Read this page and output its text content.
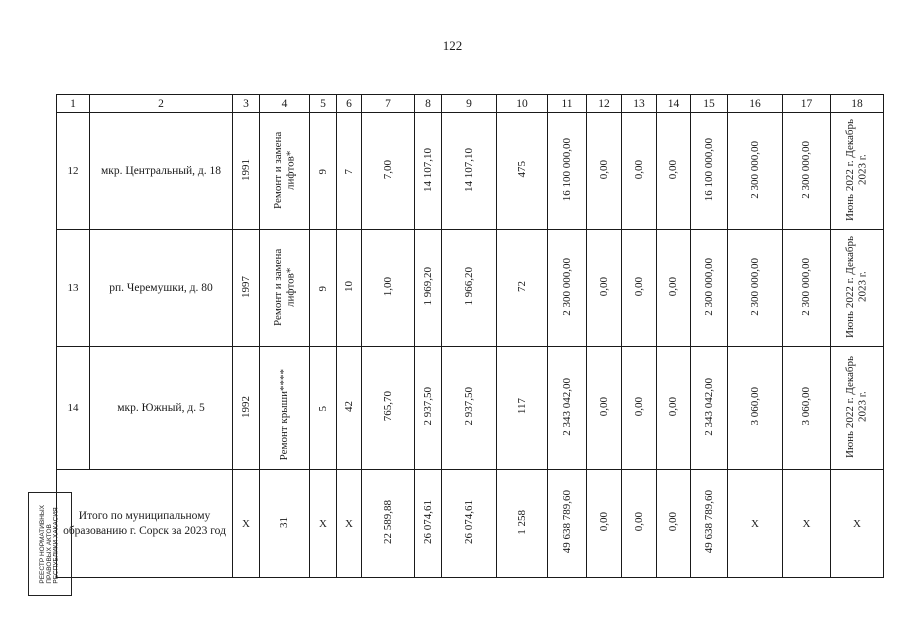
122
1	2	3	4	5	6	7	8	9	10	11	12	13	14	15	16	17	18
12	мкр. Центральный, д. 18	1991	Ремонт и замена лифтов*	9	7	7,00	14 107,10	14 107,10	475	16 100 000,00	0,00	0,00	0,00	16 100 000,00	2 300 000,00	2 300 000,00	Июнь 2022 г. Декабрь 2023 г.
13	рп. Черемушки, д. 80	1997	Ремонт и замена лифтов*	9	10	1,00	1 969,20	1 966,20	72	2 300 000,00	0,00	0,00	0,00	2 300 000,00	2 300 000,00	2 300 000,00	Июнь 2022 г. Декабрь 2023 г.
14	мкр. Южный, д. 5	1992	Ремонт крыши****	5	42	765,70	2 937,50	2 937,50	117	2 343 042,00	0,00	0,00	0,00	2 343 042,00	3 060,00	3 060,00	Июнь 2022 г. Декабрь 2023 г.
Итого по муниципальному образованию г. Сорск за 2023 год		X	31	X	X	22 589,88	26 074,61	26 074,61	1 258	49 638 789,60	0,00	0,00	0,00	49 638 789,60	X	X	X
РЕЕСТР НОРМАТИВНЫХ
ПРАВОВЫХ АКТОВ
РЕСПУБЛИКИ ХАКАСИЯ
